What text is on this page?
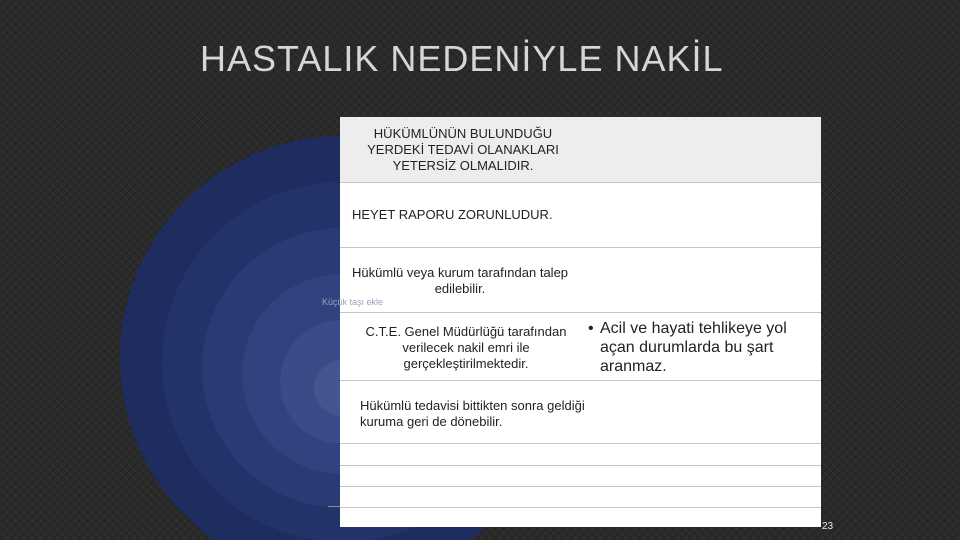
HASTALIK NEDENİYLE NAKİL
HÜKÜMLÜNÜN BULUNDUĞU YERDEKİ TEDAVİ OLANAKLARI YETERSİZ OLMALIDIR.
HEYET RAPORU ZORUNLUDUR.
Hükümlü veya kurum tarafından talep edilebilir.
C.T.E. Genel Müdürlüğü tarafından verilecek nakil emri ile gerçekleştirilmektedir.
Hükümlü tedavisi bittikten sonra geldiği kuruma geri de dönebilir.
Küçük taşı ekle
• Acil ve hayati tehlikeye yol açan durumlarda bu şart aranmaz.
23
